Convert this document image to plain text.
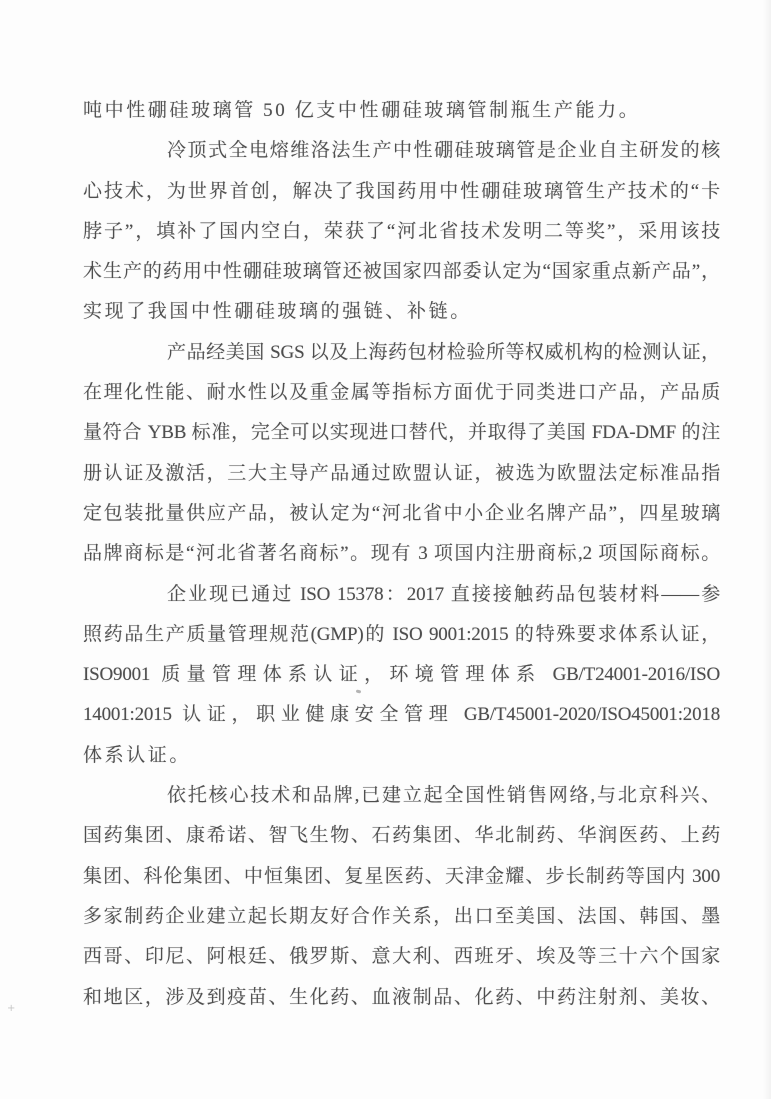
吨中性硼硅玻璃管 50 亿支中性硼硅玻璃管制瓶生产能力。
冷顶式全电熔维洛法生产中性硼硅玻璃管是企业自主研发的核
心技术，为世界首创，解决了我国药用中性硼硅玻璃管生产技术的“卡
脖子”，填补了国内空白，荣获了“河北省技术发明二等奖”，采用该技
术生产的药用中性硼硅玻璃管还被国家四部委认定为“国家重点新产品”，
实现了我国中性硼硅玻璃的强链、补链。
产品经美国 SGS 以及上海药包材检验所等权威机构的检测认证，
在理化性能、耐水性以及重金属等指标方面优于同类进口产品，产品质
量符合 YBB 标准，完全可以实现进口替代，并取得了美国 FDA-DMF 的注
册认证及激活，三大主导产品通过欧盟认证，被选为欧盟法定标准品指
定包装批量供应产品，被认定为“河北省中小企业名牌产品”，四星玻璃
品牌商标是“河北省著名商标”。现有 3 项国内注册商标,2 项国际商标。
企业现已通过 ISO 15378：2017 直接接触药品包装材料——参
照药品生产质量管理规范(GMP)的 ISO 9001:2015 的特殊要求体系认证，
ISO9001 质量管理体系认证，环境管理体系 GB/T24001-2016/ISO
14001:2015 认证，职业健康安全管理 GB/T45001-2020/ISO45001:2018
体系认证。
依托核心技术和品牌,已建立起全国性销售网络,与北京科兴、
国药集团、康希诺、智飞生物、石药集团、华北制药、华润医药、上药
集团、科伦集团、中恒集团、复星医药、天津金耀、步长制药等国内 300
多家制药企业建立起长期友好合作关系，出口至美国、法国、韩国、墨
西哥、印尼、阿根廷、俄罗斯、意大利、西班牙、埃及等三十六个国家
和地区，涉及到疫苗、生化药、血液制品、化药、中药注射剂、美妆、
+
